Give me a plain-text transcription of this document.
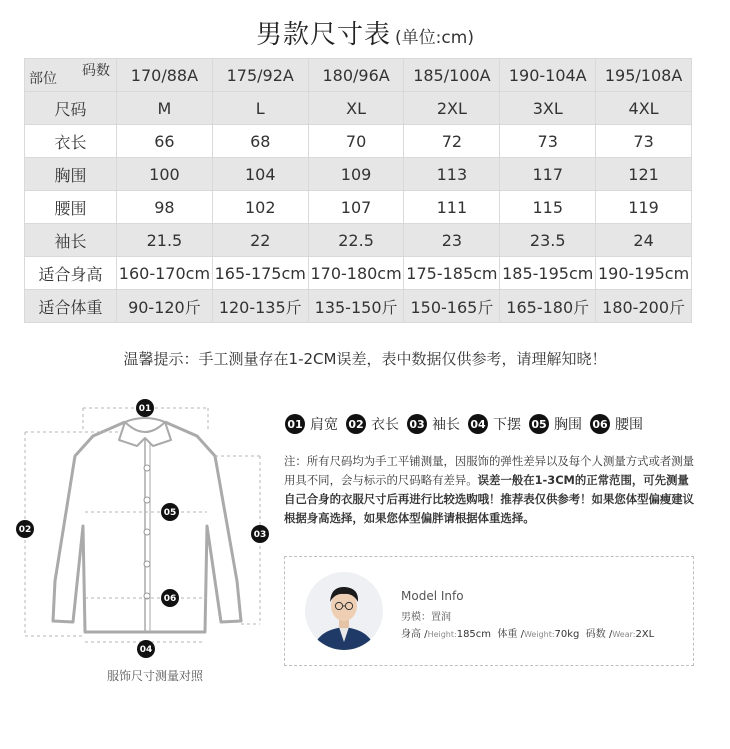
男款尺寸表 (单位:cm)
码数
部位	170/88A	175/92A	180/96A	185/100A	190-104A	195/108A
尺码	M	L	XL	2XL	3XL	4XL
衣长	66	68	70	72	73	73
胸围	100	104	109	113	117	121
腰围	98	102	107	111	115	119
袖长	21.5	22	22.5	23	23.5	24
适合身高	160-170cm	165-175cm	170-180cm	175-185cm	185-195cm	190-195cm
适合体重	90-120斤	120-135斤	135-150斤	150-165斤	165-180斤	180-200斤
温馨提示：手工测量存在1-2CM误差，表中数据仅供参考，请理解知晓！
01 肩宽 02 衣长 03 袖长 04 下摆 05 胸围 06 腰围
注：所有尺码均为手工平铺测量，因服饰的弹性差异以及每个人测量方式或者测量用具不同，会与标示的尺码略有差异。误差一般在1-3CM的正常范围，可先测量自己合身的衣服尺寸后再进行比较选购哦！推荐表仅供参考！如果您体型偏瘦建议根据身高选择，如果您体型偏胖请根据体重选择。
01
02	03
05
06
04
服饰尺寸测量对照
Model Info
男模：置润
身高 /Height:185cm 体重 /Weight:70kg 码数 /Wear:2XL
